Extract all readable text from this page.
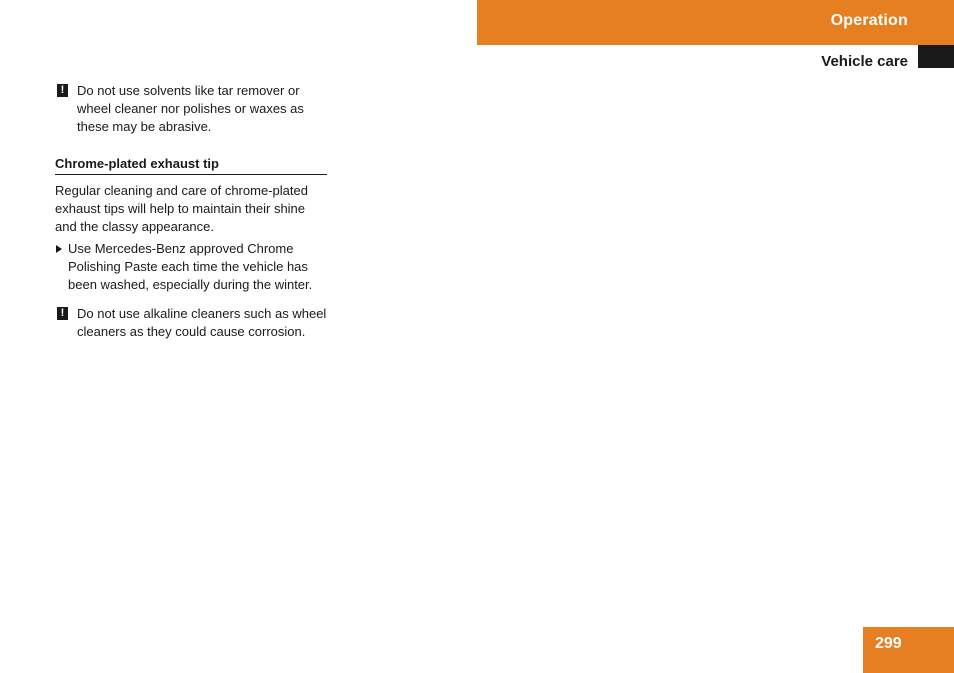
Operation
Vehicle care
! Do not use solvents like tar remover or wheel cleaner nor polishes or waxes as these may be abrasive.
Chrome-plated exhaust tip
Regular cleaning and care of chrome-plated exhaust tips will help to maintain their shine and the classy appearance.
Use Mercedes-Benz approved Chrome Polishing Paste each time the vehicle has been washed, especially during the winter.
! Do not use alkaline cleaners such as wheel cleaners as they could cause corrosion.
299
